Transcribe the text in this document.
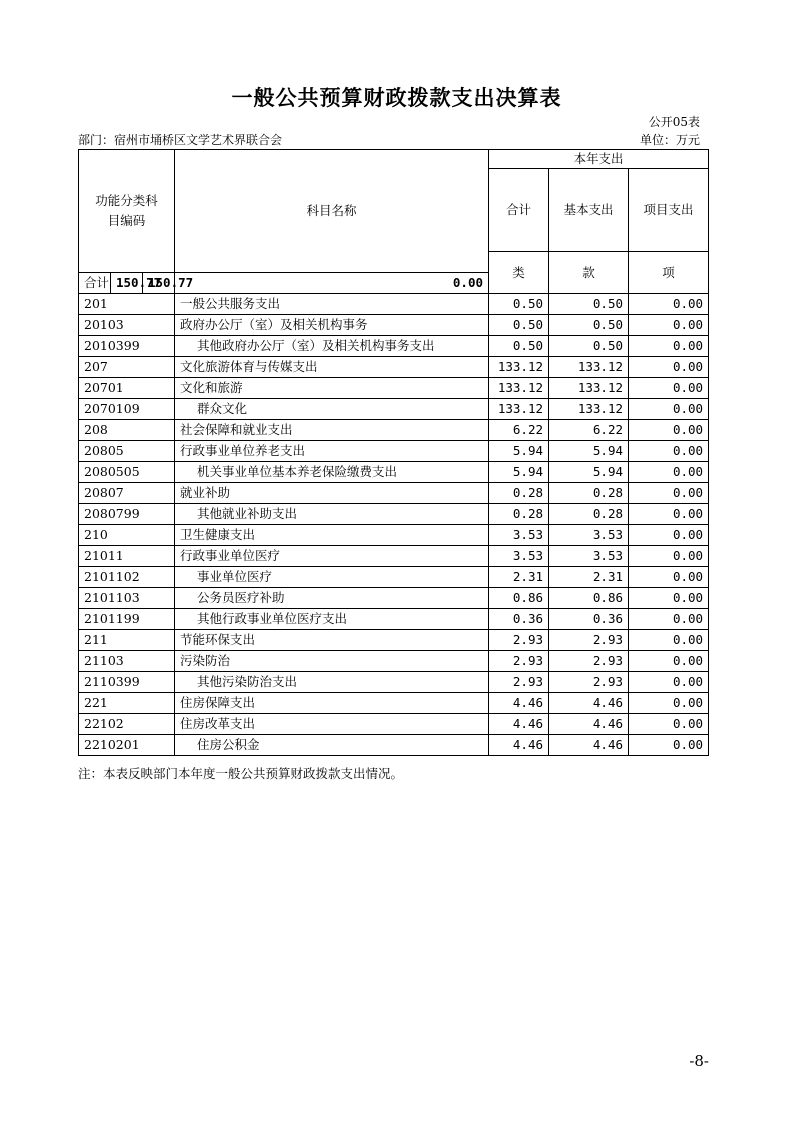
一般公共预算财政拨款支出决算表
公开05表
部门：宿州市埇桥区文学艺术界联合会	单位：万元
功能分类科目编码			科目名称	本年支出			
				合计	基本支出	项目支出	
				类	款	项				
合计	150.77	150.77	0.00				
201			一般公共服务支出	0.50	0.50	0.00	
20103			政府办公厅（室）及相关机构事务	0.50	0.50	0.00	
2010399			其他政府办公厅（室）及相关机构事务支出	0.50	0.50	0.00	
207			文化旅游体育与传媒支出	133.12	133.12	0.00	
20701			文化和旅游	133.12	133.12	0.00	
2070109			群众文化	133.12	133.12	0.00	
208			社会保障和就业支出	6.22	6.22	0.00	
20805			行政事业单位养老支出	5.94	5.94	0.00	
2080505			机关事业单位基本养老保险缴费支出	5.94	5.94	0.00	
20807			就业补助	0.28	0.28	0.00	
2080799			其他就业补助支出	0.28	0.28	0.00	
210			卫生健康支出	3.53	3.53	0.00	
21011			行政事业单位医疗	3.53	3.53	0.00	
2101102			事业单位医疗	2.31	2.31	0.00	
2101103			公务员医疗补助	0.86	0.86	0.00	
2101199			其他行政事业单位医疗支出	0.36	0.36	0.00	
211			节能环保支出	2.93	2.93	0.00	
21103			污染防治	2.93	2.93	0.00	
2110399			其他污染防治支出	2.93	2.93	0.00	
221			住房保障支出	4.46	4.46	0.00	
22102			住房改革支出	4.46	4.46	0.00	
2210201			住房公积金	4.46	4.46	0.00	
注：本表反映部门本年度一般公共预算财政拨款支出情况。
-8-
